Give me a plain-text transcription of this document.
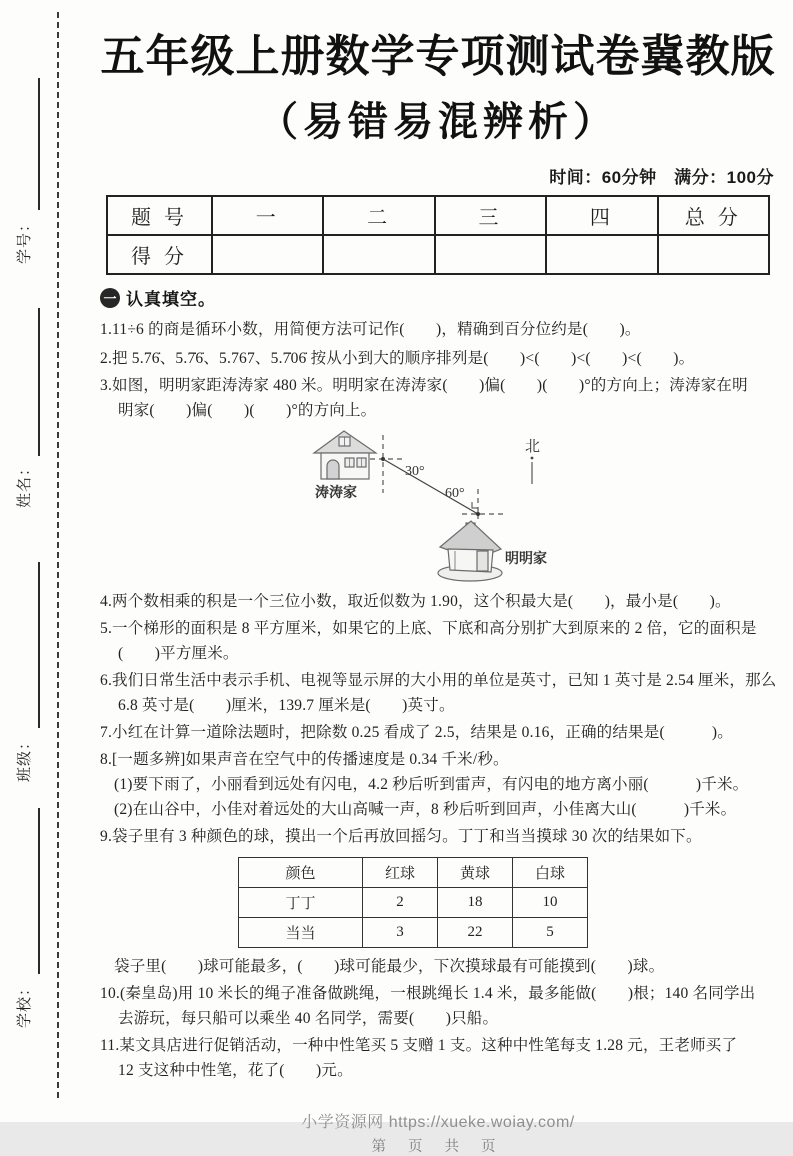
学号：
姓名：
班级：
学校：
五年级上册数学专项测试卷冀教版
（易错易混辨析）
时间：60分钟　满分：100分
题 号	一	二	三	四	总 分
得 分					
一 认真填空。
1.11÷6 的商是循环小数，用简便方法可记作(　　)，精确到百分位约是(　　)。
2.把 5.76̇、5.7̇6̇、5.767、5.7̇06̇ 按从小到大的顺序排列是(　　)<(　　)<(　　)<(　　)。
3.如图，明明家距涛涛家 480 米。明明家在涛涛家(　　)偏(　　)(　　)°的方向上；涛涛家在明
明家(　　)偏(　　)(　　)°的方向上。
涛涛家
30°
60°
明明家
北
4.两个数相乘的积是一个三位小数，取近似数为 1.90，这个积最大是(　　)，最小是(　　)。
5.一个梯形的面积是 8 平方厘米，如果它的上底、下底和高分别扩大到原来的 2 倍，它的面积是
(　　)平方厘米。
6.我们日常生活中表示手机、电视等显示屏的大小用的单位是英寸，已知 1 英寸是 2.54 厘米，那么
6.8 英寸是(　　)厘米，139.7 厘米是(　　)英寸。
7.小红在计算一道除法题时，把除数 0.25 看成了 2.5，结果是 0.16，正确的结果是(　　　)。
8.[一题多辨]如果声音在空气中的传播速度是 0.34 千米/秒。
(1)要下雨了，小丽看到远处有闪电，4.2 秒后听到雷声，有闪电的地方离小丽(　　　)千米。
(2)在山谷中，小佳对着远处的大山高喊一声，8 秒后听到回声，小佳离大山(　　　)千米。
9.袋子里有 3 种颜色的球，摸出一个后再放回摇匀。丁丁和当当摸球 30 次的结果如下。
颜色	红球	黄球	白球
丁丁	2	18	10
当当	3	22	5
袋子里(　　)球可能最多，(　　)球可能最少，下次摸球最有可能摸到(　　)球。
10.(秦皇岛)用 10 米长的绳子准备做跳绳，一根跳绳长 1.4 米，最多能做(　　)根；140 名同学出
去游玩，每只船可以乘坐 40 名同学，需要(　　)只船。
11.某文具店进行促销活动，一种中性笔买 5 支赠 1 支。这种中性笔每支 1.28 元，王老师买了
12 支这种中性笔，花了(　　)元。
小学资源网 https://xueke.woiay.com/
第 页 共 页
